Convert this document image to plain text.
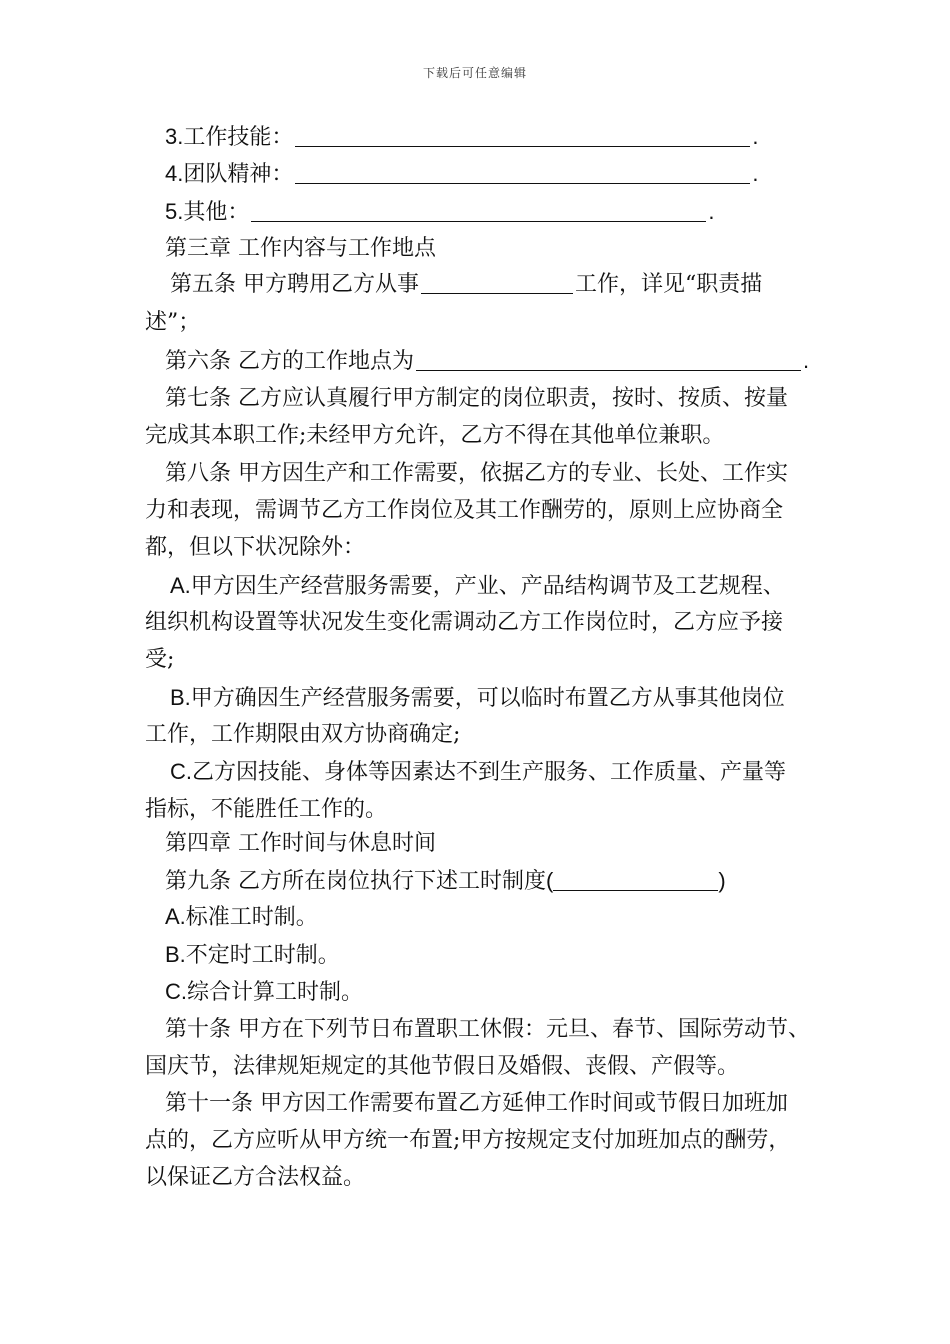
下载后可任意编辑
3.工作技能：	.
4.团队精神：	.
5.其他：	.
第三章 工作内容与工作地点
第五条 甲方聘用乙方从事	工作，详见“职责描
述”；
第六条 乙方的工作地点为	.
第七条 乙方应认真履行甲方制定的岗位职责，按时、按质、按量
完成其本职工作;未经甲方允许，乙方不得在其他单位兼职。
第八条 甲方因生产和工作需要，依据乙方的专业、长处、工作实
力和表现，需调节乙方工作岗位及其工作酬劳的，原则上应协商全
都，但以下状况除外：
A.甲方因生产经营服务需要，产业、产品结构调节及工艺规程、
组织机构设置等状况发生变化需调动乙方工作岗位时，乙方应予接
受;
B.甲方确因生产经营服务需要，可以临时布置乙方从事其他岗位
工作，工作期限由双方协商确定;
C.乙方因技能、身体等因素达不到生产服务、工作质量、产量等
指标，不能胜任工作的。
第四章 工作时间与休息时间
第九条 乙方所在岗位执行下述工时制度(	)
A.标准工时制。
B.不定时工时制。
C.综合计算工时制。
第十条 甲方在下列节日布置职工休假：元旦、春节、国际劳动节、
国庆节，法律规矩规定的其他节假日及婚假、丧假、产假等。
第十一条 甲方因工作需要布置乙方延伸工作时间或节假日加班加
点的，乙方应听从甲方统一布置;甲方按规定支付加班加点的酬劳，
以保证乙方合法权益。
